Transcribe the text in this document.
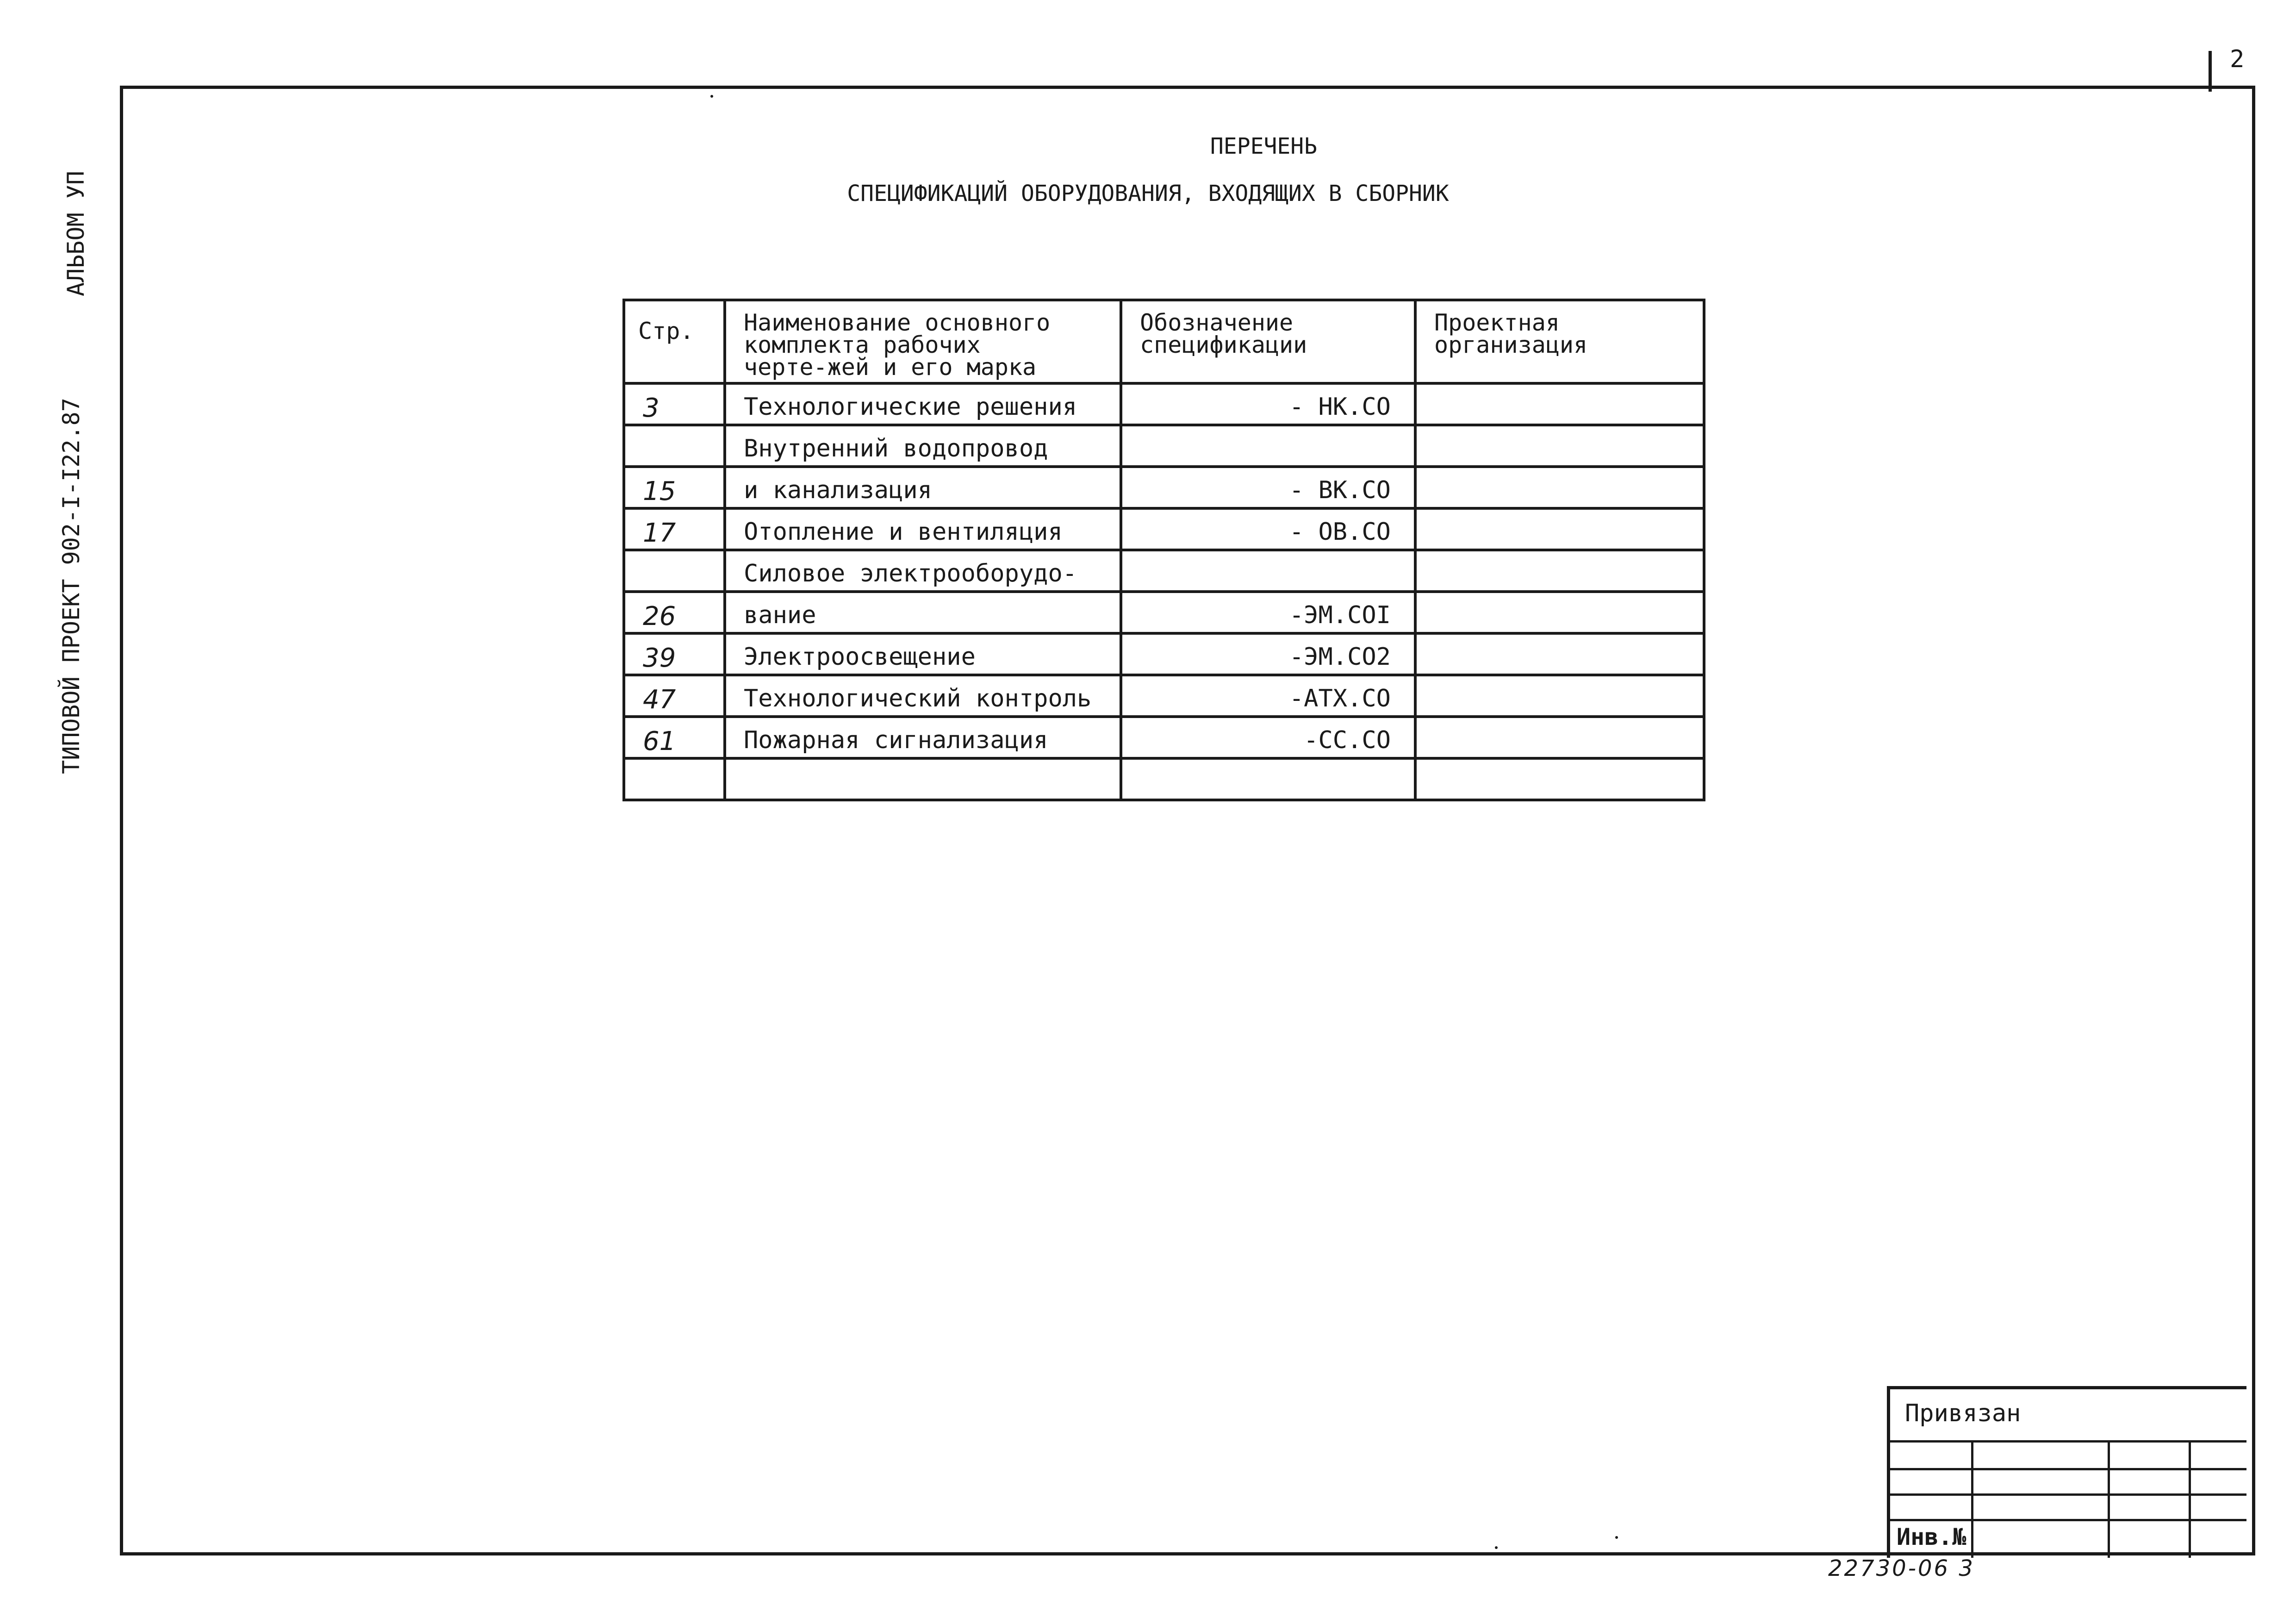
2
ТИПОВОЙ ПРОЕКТ 902-I-I22.87
АЛЬБОМ УП
ПЕРЕЧЕНЬ
СПЕЦИФИКАЦИЙ ОБОРУДОВАНИЯ, ВХОДЯЩИХ В СБОРНИК
Стр.	Наименование основного комплекта рабочих черте-жей и его марка	Обозначение спецификации	Проектная организация

3	Технологические решения	- НК.СО	
	Внутренний водопровод		
15	и канализация	- ВК.СО	
17	Отопление и вентиляция	- ОВ.СО	
	Силовое электрооборудо-		
26	вание	-ЭМ.СОI	
39	Электроосвещение	-ЭМ.СО2	
47	Технологический контроль	-АТХ.СО	
61	Пожарная сигнализация	-СС.СО	

Привязан
Инв.№
22730-06 3
